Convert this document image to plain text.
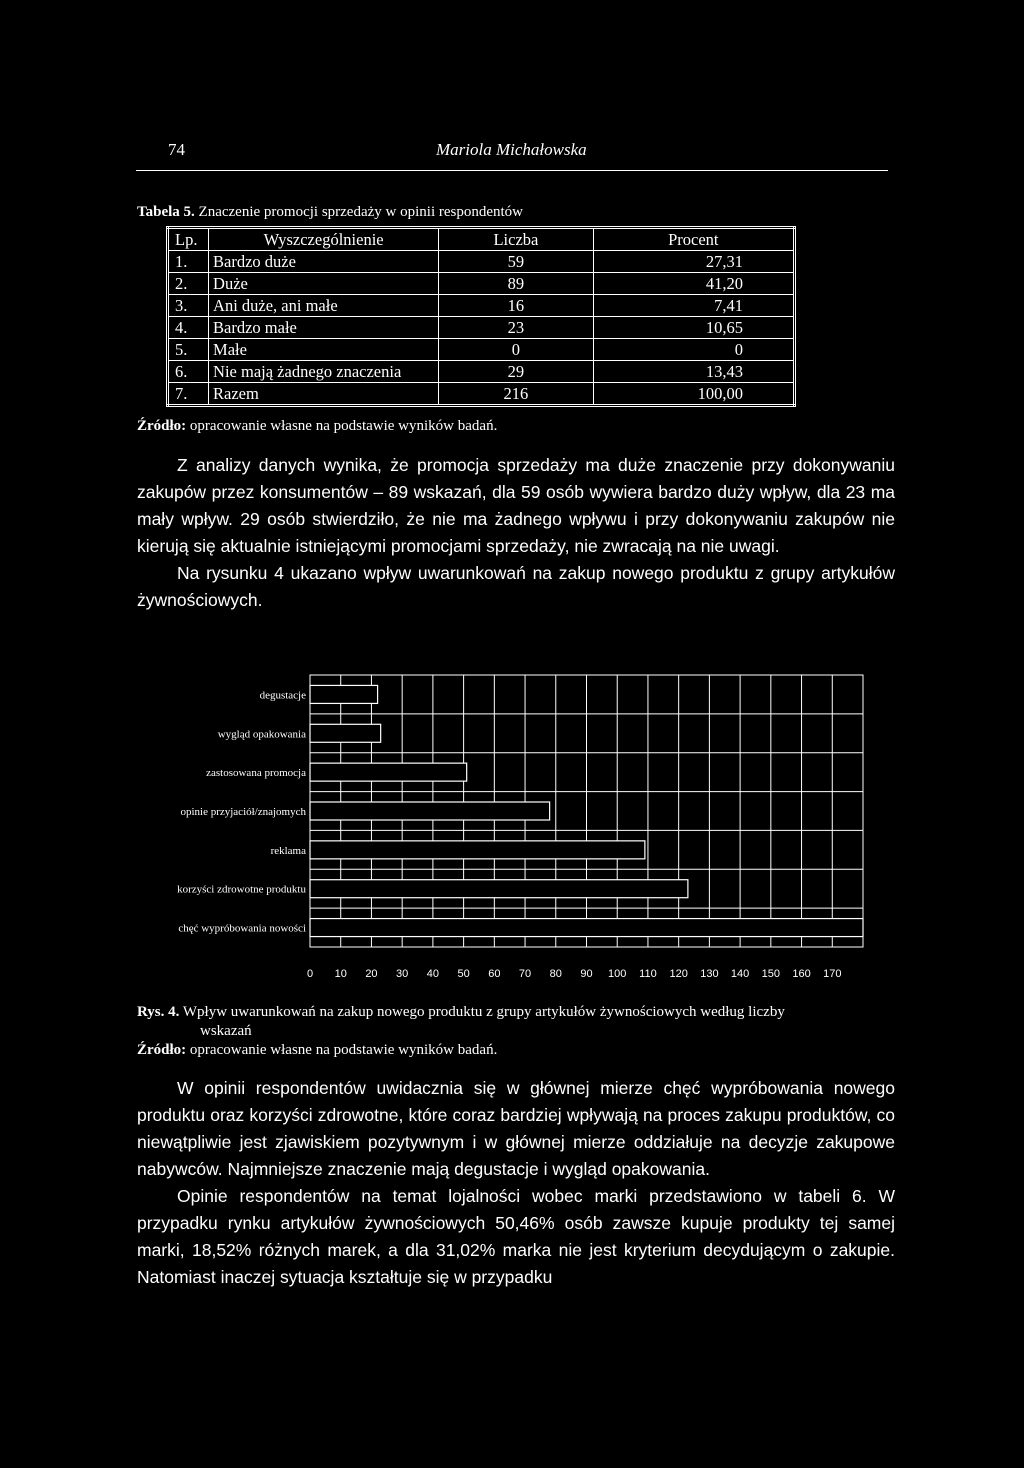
74	Mariola Michałowska
Tabela 5. Znaczenie promocji sprzedaży w opinii respondentów
Lp.	Wyszczególnienie	Liczba	Procent
1.	Bardzo duże	59	27,31
2.	Duże	89	41,20
3.	Ani duże, ani małe	16	7,41
4.	Bardzo małe	23	10,65
5.	Małe	0	0
6.	Nie mają żadnego znaczenia	29	13,43
7.	Razem	216	100,00
Źródło: opracowanie własne na podstawie wyników badań.

Z analizy danych wynika, że promocja sprzedaży ma duże znaczenie przy dokonywaniu zakupów przez konsumentów – 89 wskazań, dla 59 osób wywiera bardzo duży wpływ, dla 23 ma mały wpływ. 29 osób stwierdziło, że nie ma żadnego wpływu i przy dokonywaniu zakupów nie kierują się aktualnie istniejącymi promocjami sprzedaży, nie zwracają na nie uwagi.

Na rysunku 4 ukazano wpływ uwarunkowań na zakup nowego produktu z grupy artykułów żywnościowych.

degustacje
wygląd opakowania
zastosowana promocja
opinie przyjaciół/znajomych
reklama
korzyści zdrowotne produktu
chęć wypróbowania nowości
0 10 20 30 40 50 60 70 80 90 100 110 120 130 140 150 160 170
Rys. 4. Wpływ uwarunkowań na zakup nowego produktu z grupy artykułów żywnościowych według liczby
wskazań
Źródło: opracowanie własne na podstawie wyników badań.

W opinii respondentów uwidacznia się w głównej mierze chęć wypróbowania nowego produktu oraz korzyści zdrowotne, które coraz bardziej wpływają na proces zakupu produktów, co niewątpliwie jest zjawiskiem pozytywnym i w głównej mierze oddziałuje na decyzje zakupowe nabywców. Najmniejsze znaczenie mają degustacje i wygląd opakowania.

Opinie respondentów na temat lojalności wobec marki przedstawiono w tabeli 6. W przypadku rynku artykułów żywnościowych 50,46% osób zawsze kupuje produkty tej samej marki, 18,52% różnych marek, a dla 31,02% marka nie jest kryterium decydującym o zakupie. Natomiast inaczej sytuacja kształtuje się w przypadku
